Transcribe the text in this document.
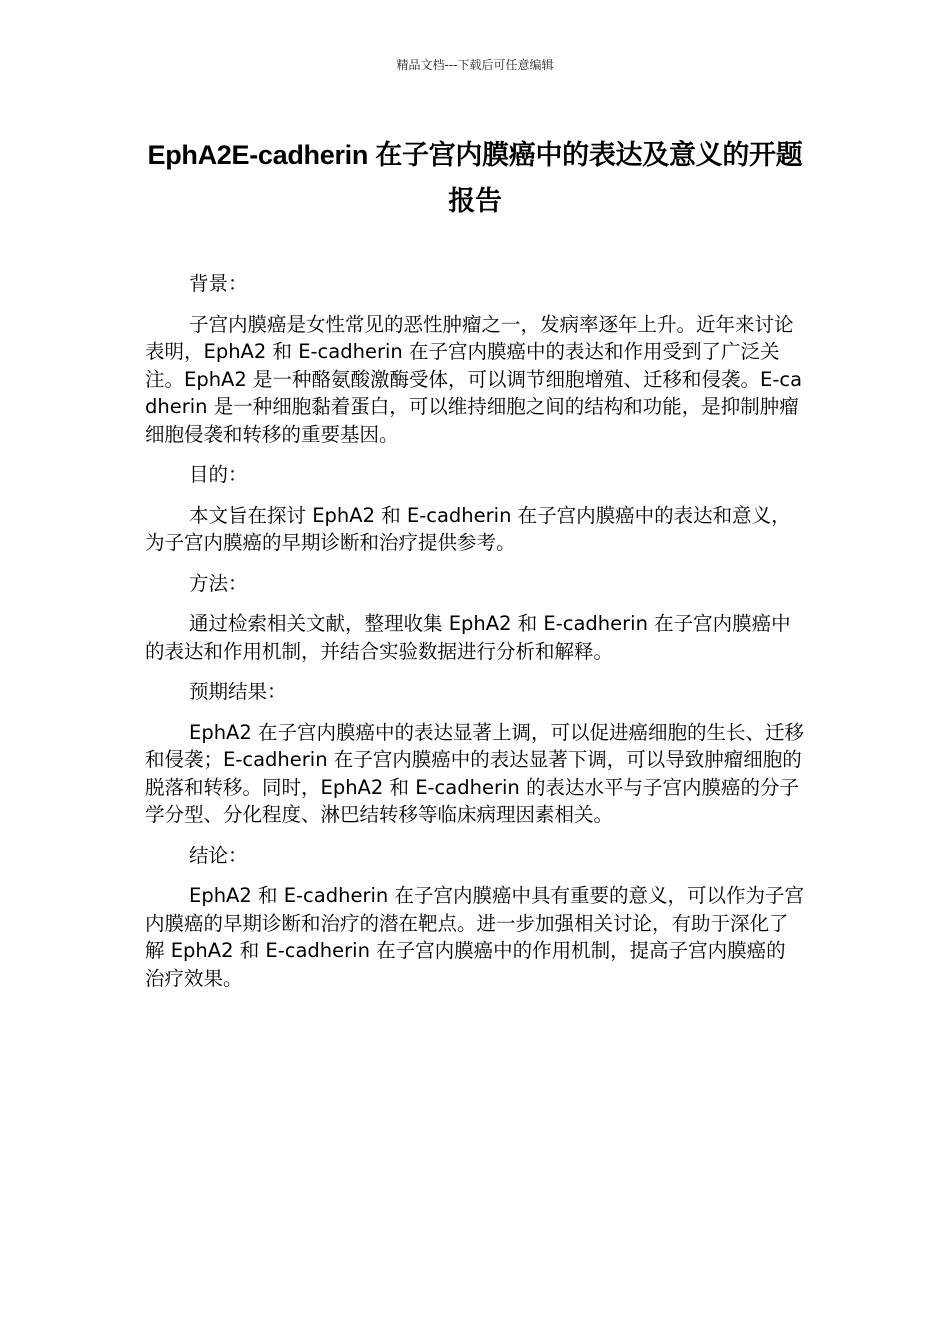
精品文档---下载后可任意编辑
EphA2E-cadherin 在子宫内膜癌中的表达及意义的开题报告

背景：

子宫内膜癌是女性常见的恶性肿瘤之一，发病率逐年上升。近年来讨论表明，EphA2 和 E-cadherin 在子宫内膜癌中的表达和作用受到了广泛关注。EphA2 是一种酪氨酸激酶受体，可以调节细胞增殖、迁移和侵袭。E-cadherin 是一种细胞黏着蛋白，可以维持细胞之间的结构和功能，是抑制肿瘤细胞侵袭和转移的重要基因。

目的：

本文旨在探讨 EphA2 和 E-cadherin 在子宫内膜癌中的表达和意义，为子宫内膜癌的早期诊断和治疗提供参考。

方法：

通过检索相关文献，整理收集 EphA2 和 E-cadherin 在子宫内膜癌中的表达和作用机制，并结合实验数据进行分析和解释。

预期结果：

EphA2 在子宫内膜癌中的表达显著上调，可以促进癌细胞的生长、迁移和侵袭；E-cadherin 在子宫内膜癌中的表达显著下调，可以导致肿瘤细胞的脱落和转移。同时，EphA2 和 E-cadherin 的表达水平与子宫内膜癌的分子学分型、分化程度、淋巴结转移等临床病理因素相关。

结论：

EphA2 和 E-cadherin 在子宫内膜癌中具有重要的意义，可以作为子宫内膜癌的早期诊断和治疗的潜在靶点。进一步加强相关讨论，有助于深化了解 EphA2 和 E-cadherin 在子宫内膜癌中的作用机制，提高子宫内膜癌的治疗效果。
